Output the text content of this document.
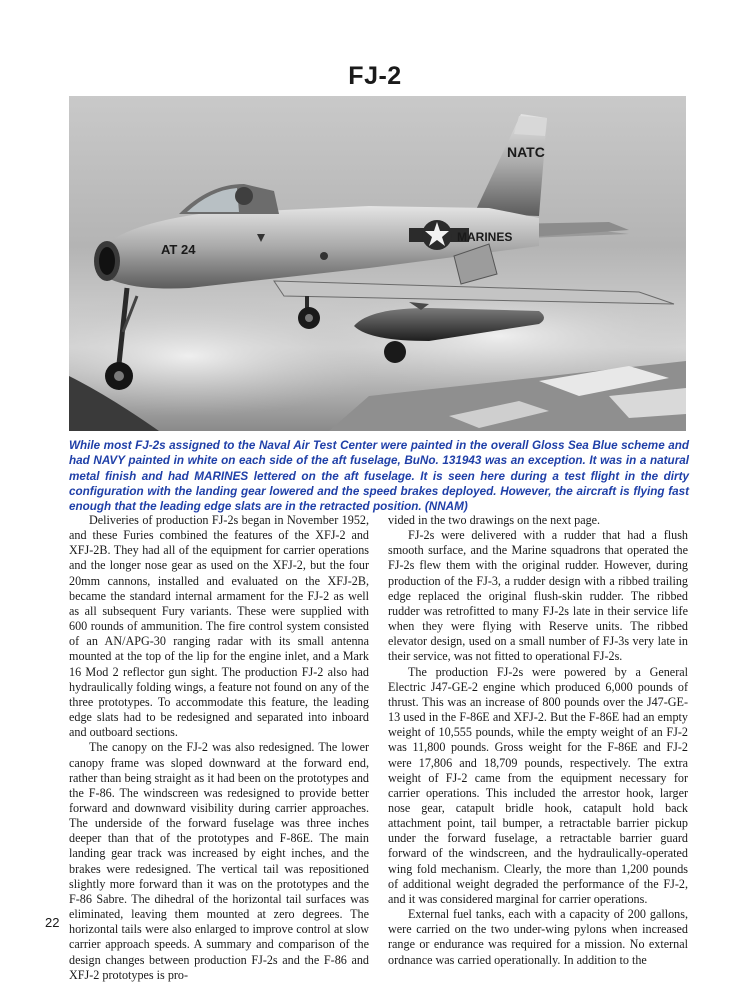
FJ-2
NATC
AT 24
MARINES

While most FJ-2s assigned to the Naval Air Test Center were painted in the overall Gloss Sea Blue scheme and had NAVY painted in white on each side of the aft fuselage, BuNo. 131943 was an exception. It was in a natural metal finish and had MARINES lettered on the aft fuselage. It is seen here during a test flight in the dirty configuration with the landing gear lowered and the speed brakes deployed. However, the aircraft is flying fast enough that the leading edge slats are in the retracted position. (NNAM)

Deliveries of production FJ-2s began in November 1952, and these Furies combined the features of the XFJ-2 and XFJ-2B. They had all of the equipment for carrier operations and the longer nose gear as used on the XFJ-2, but the four 20mm cannons, installed and evaluated on the XFJ-2B, became the standard internal armament for the FJ-2 as well as all subsequent Fury variants. These were supplied with 600 rounds of ammunition. The fire control system consisted of an AN/APG-30 ranging radar with its small antenna mounted at the top of the lip for the engine inlet, and a Mark 16 Mod 2 reflector gun sight. The production FJ-2 also had hydraulically folding wings, a feature not found on any of the three prototypes. To accommodate this feature, the leading edge slats had to be redesigned and separated into inboard and outboard sections.

The canopy on the FJ-2 was also redesigned. The lower canopy frame was sloped downward at the forward end, rather than being straight as it had been on the prototypes and the F-86. The windscreen was redesigned to provide better forward and downward visibility during carrier approaches. The underside of the forward fuselage was three inches deeper than that of the prototypes and F-86E. The main landing gear track was increased by eight inches, and the brakes were redesigned. The vertical tail was repositioned slightly more forward than it was on the prototypes and the F-86 Sabre. The dihedral of the horizontal tail surfaces was eliminated, leaving them mounted at zero degrees. The horizontal tails were also enlarged to improve control at slow carrier approach speeds. A summary and comparison of the design changes between production FJ-2s and the F-86 and XFJ-2 prototypes is pro-

vided in the two drawings on the next page.

FJ-2s were delivered with a rudder that had a flush smooth surface, and the Marine squadrons that operated the FJ-2s flew them with the original rudder. However, during production of the FJ-3, a rudder design with a ribbed trailing edge replaced the original flush-skin rudder. The ribbed rudder was retrofitted to many FJ-2s late in their service life when they were flying with Reserve units. The ribbed elevator design, used on a small number of FJ-3s very late in their service, was not fitted to operational FJ-2s.

The production FJ-2s were powered by a General Electric J47-GE-2 engine which produced 6,000 pounds of thrust. This was an increase of 800 pounds over the J47-GE-13 used in the F-86E and XFJ-2. But the F-86E had an empty weight of 10,555 pounds, while the empty weight of an FJ-2 was 11,800 pounds. Gross weight for the F-86E and FJ-2 were 17,806 and 18,709 pounds, respectively. The extra weight of FJ-2 came from the equipment necessary for carrier operations. This included the arrestor hook, larger nose gear, catapult bridle hook, catapult hold back attachment point, tail bumper, a retractable barrier pickup under the forward fuselage, a retractable barrier guard forward of the windscreen, and the hydraulically-operated wing fold mechanism. Clearly, the more than 1,200 pounds of additional weight degraded the performance of the FJ-2, and it was considered marginal for carrier operations.

External fuel tanks, each with a capacity of 200 gallons, were carried on the two under-wing pylons when increased range or endurance was required for a mission. No external ordnance was carried operationally. In addition to the

22
